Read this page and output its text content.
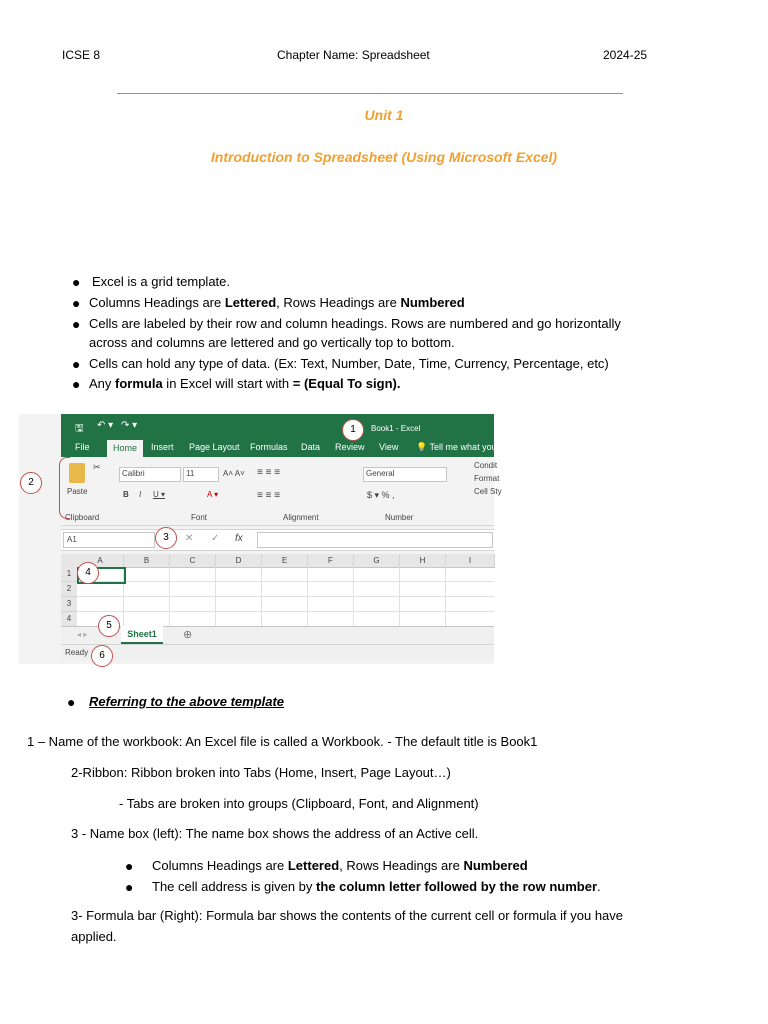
ICSE 8	Chapter Name: Spreadsheet	2024-25
Unit 1
Introduction to Spreadsheet (Using Microsoft Excel)
● Excel is a grid template.
● Columns Headings are Lettered, Rows Headings are Numbered
● Cells are labeled by their row and column headings. Rows are numbered and go horizontally
across and columns are lettered and go vertically top to bottom.
● Cells can hold any type of data. (Ex: Text, Number, Date, Time, Currency, Percentage, etc)
● Any formula in Excel will start with = (Equal To sign).
🖫 ↶ ▾ ↷ ▾	Book1 - Excel
Home
File	Insert Page Layout Formulas Data Review View 💡 Tell me what you
Paste
✂
Calibri	11	A˄ A˅
B I U ▾	A ▾
≡ ≡ ≡
≡ ≡ ≡
General
$ ▾ % ,
Condit
Format
Cell Sty
Clipboard	Font	Alignment	Number
A1	✕ ✓ fx
A	B	C	D	E	F	G	H	I
1
2
3
4
◂ ▸	Sheet1	⊕
Ready
1
2
3
4
5
6
● Referring to the above template
1 – Name of the workbook: An Excel file is called a Workbook. - The default title is Book1
2-Ribbon: Ribbon broken into Tabs (Home, Insert, Page Layout…)
- Tabs are broken into groups (Clipboard, Font, and Alignment)
3 - Name box (left): The name box shows the address of an Active cell.
● Columns Headings are Lettered, Rows Headings are Numbered
● The cell address is given by the column letter followed by the row number.
3- Formula bar (Right): Formula bar shows the contents of the current cell or formula if you have
applied.
